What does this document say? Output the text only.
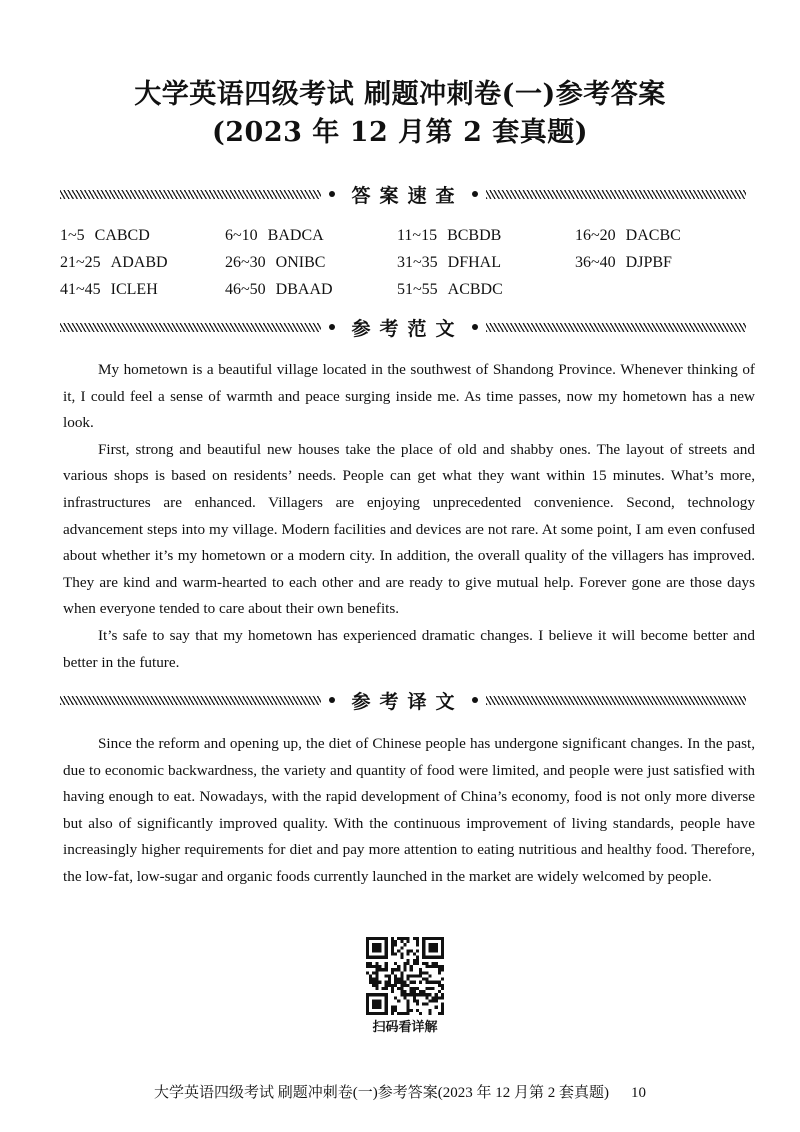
大学英语四级考试 刷题冲刺卷(一)参考答案
(2023 年 12 月第 2 套真题)
答案速查
1~5 CABCD	6~10 BADCA	11~15 BCBDB	16~20 DACBC
21~25 ADABD	26~30 ONIBC	31~35 DFHAL	36~40 DJPBF
41~45 ICLEH	46~50 DBAAD	51~55 ACBDC
参考范文

My hometown is a beautiful village located in the southwest of Shandong Province. Whenever thinking of it, I could feel a sense of warmth and peace surging inside me. As time passes, now my hometown has a new look.

First, strong and beautiful new houses take the place of old and shabby ones. The layout of streets and various shops is based on residents’ needs. People can get what they want within 15 minutes. What’s more, infrastructures are enhanced. Villagers are enjoying unprecedented convenience. Second, technology advancement steps into my village. Modern facilities and devices are not rare. At some point, I am even confused about whether it’s my hometown or a modern city. In addition, the overall quality of the villagers has improved. They are kind and warm-hearted to each other and are ready to give mutual help. Forever gone are those days when everyone tended to care about their own benefits.

It’s safe to say that my hometown has experienced dramatic changes. I believe it will become better and better in the future.

参考译文

Since the reform and opening up, the diet of Chinese people has undergone significant changes. In the past, due to economic backwardness, the variety and quantity of food were limited, and people were just satisfied with having enough to eat. Nowadays, with the rapid development of China’s economy, food is not only more diverse but also of significantly improved quality. With the continuous improvement of living standards, people have increasingly higher requirements for diet and pay more attention to eating nutritious and healthy food. Therefore, the low-fat, low-sugar and organic foods currently launched in the market are widely welcomed by people.

扫码看详解
大学英语四级考试 刷题冲刺卷(一)参考答案(2023 年 12 月第 2 套真题) 10
